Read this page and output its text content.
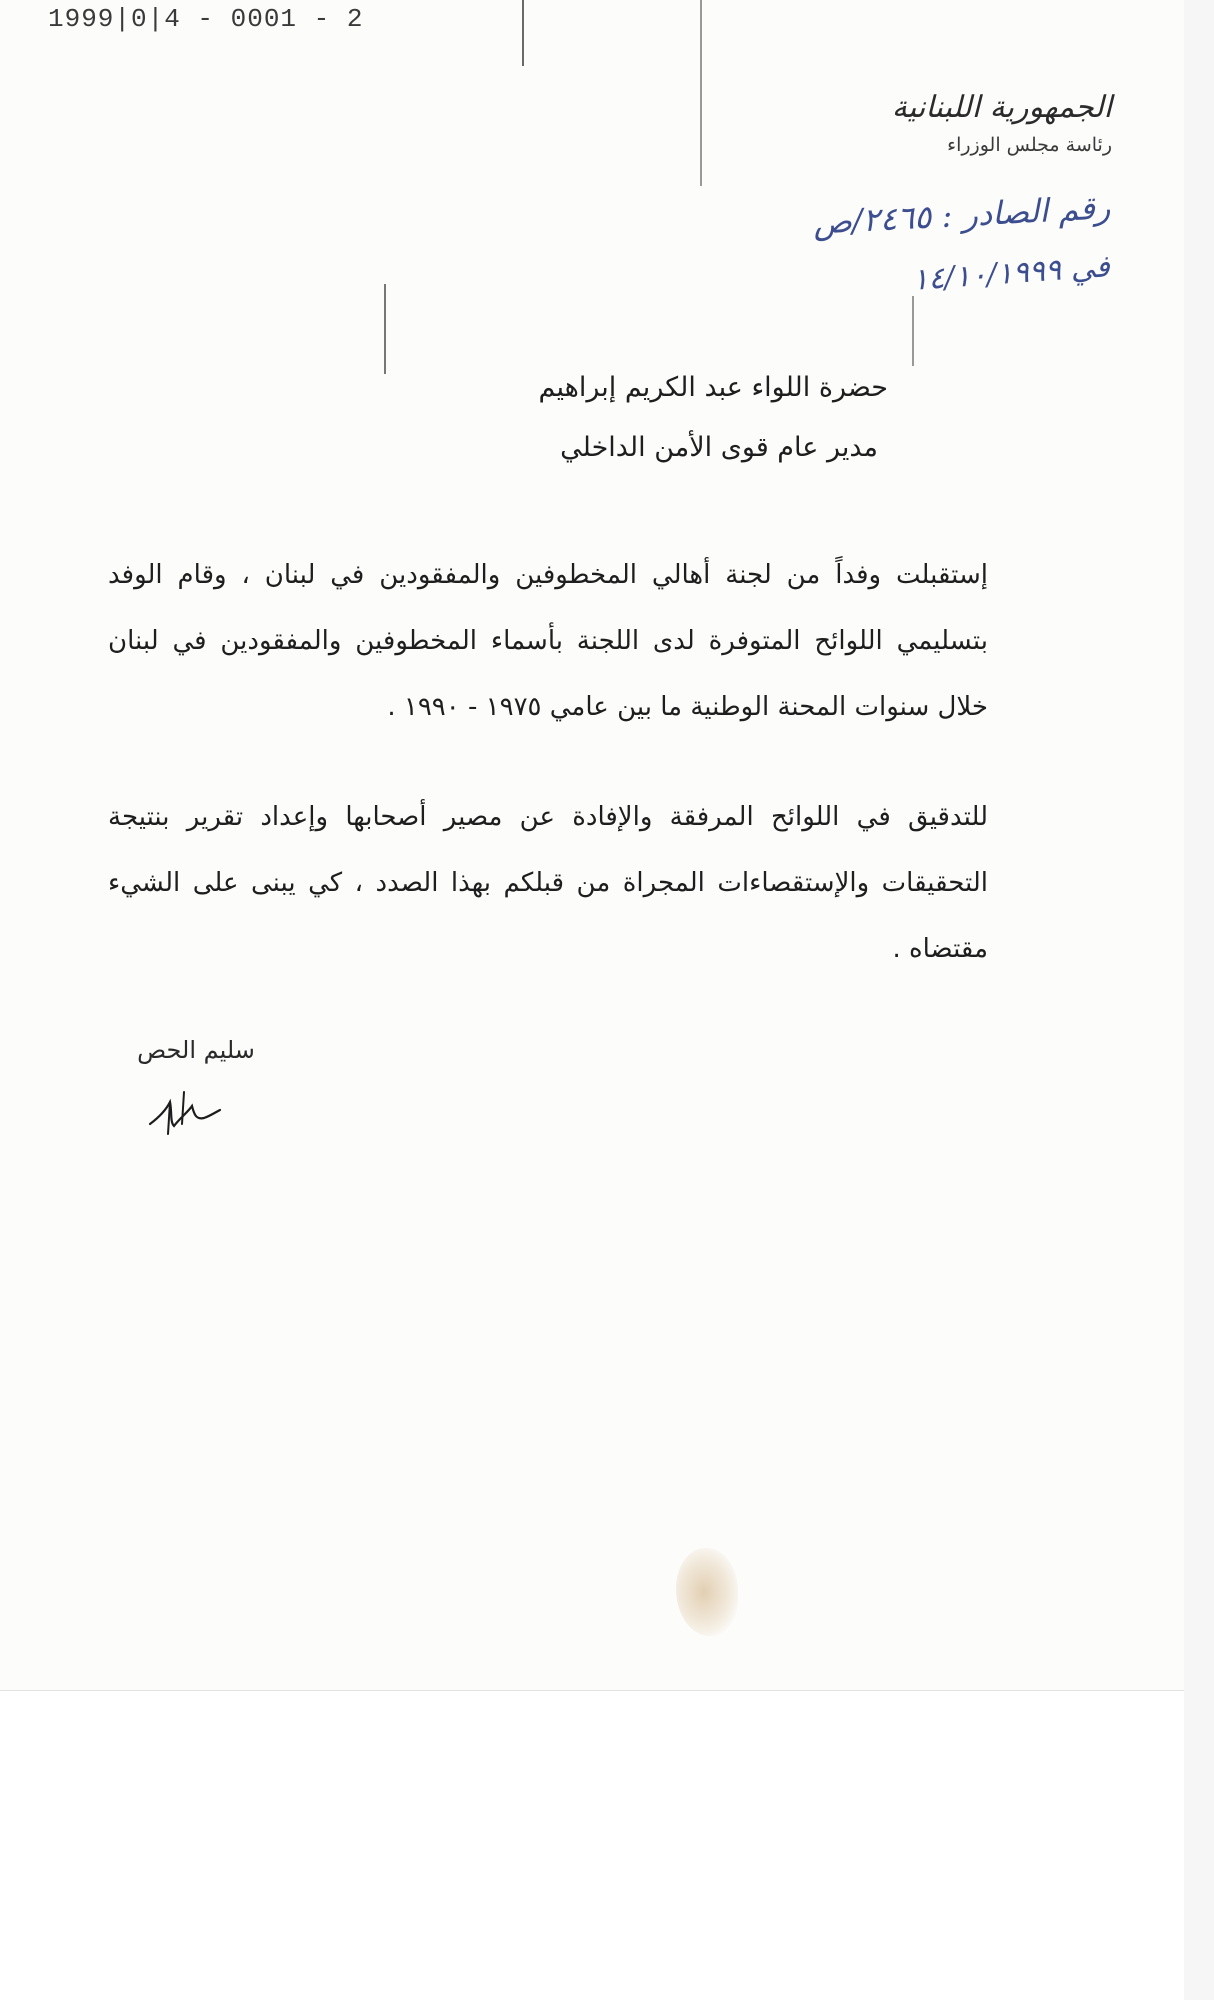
1999|0|4 - 0001 - 2
الجمهورية اللبنانية
رئاسة مجلس الوزراء
رقم الصادر : ٢٤٦٥/ص
في ١٤/١٠/١٩٩٩
حضرة اللواء عبد الكريم إبراهيم
مدير عام قوى الأمن الداخلي
إستقبلت وفداً من لجنة أهالي المخطوفين والمفقودين في لبنان ، وقام الوفد بتسليمي اللوائح المتوفرة لدى اللجنة بأسماء المخطوفين والمفقودين في لبنان خلال سنوات المحنة الوطنية ما بين عامي ١٩٧٥ - ١٩٩٠ .
للتدقيق في اللوائح المرفقة والإفادة عن مصير أصحابها وإعداد تقرير بنتيجة التحقيقات والإستقصاءات المجراة من قبلكم بهذا الصدد ، كي يبنى على الشيء مقتضاه .
سليم الحص
